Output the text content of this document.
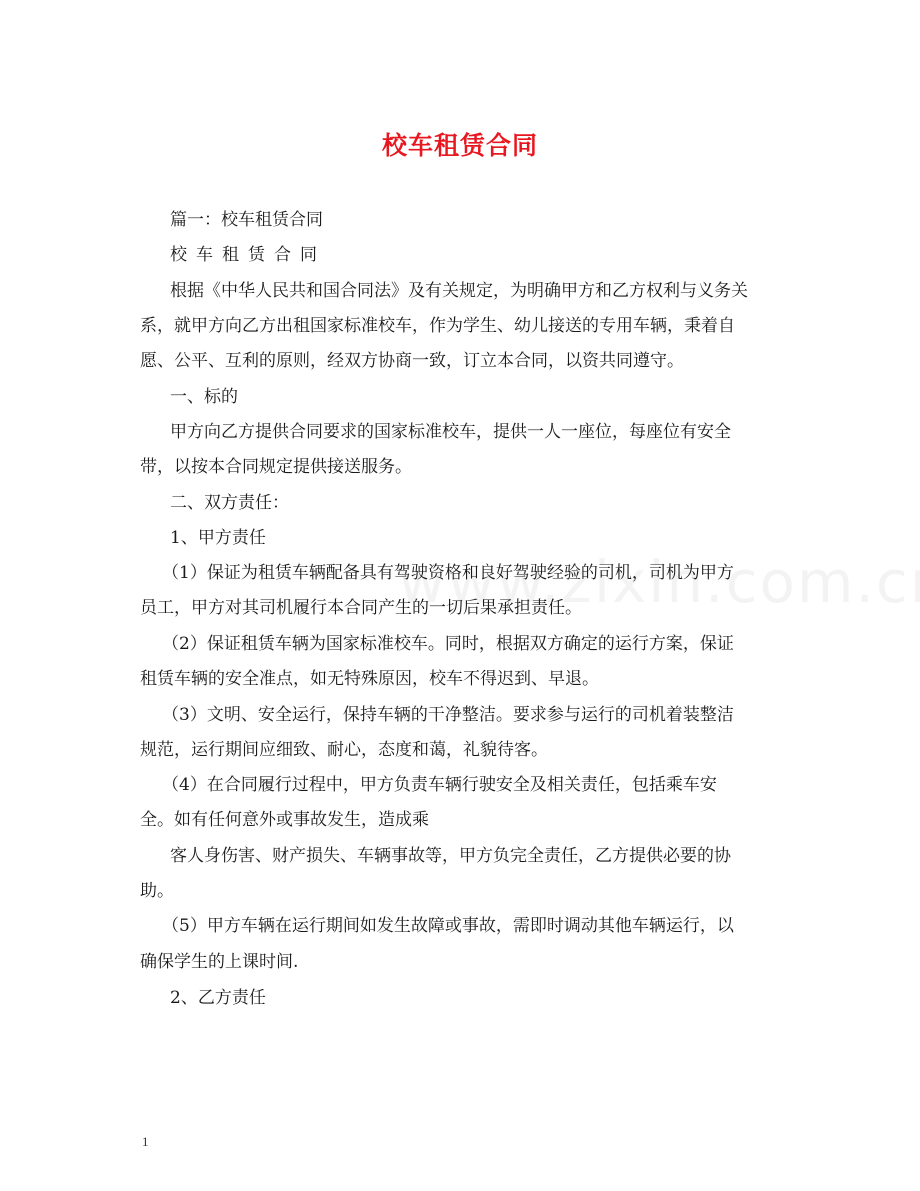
校车租赁合同
篇一：校车租赁合同
校车租赁合同
根据《中华人民共和国合同法》及有关规定，为明确甲方和乙方权利与义务关
系，就甲方向乙方出租国家标准校车，作为学生、幼儿接送的专用车辆，秉着自
愿、公平、互利的原则，经双方协商一致，订立本合同，以资共同遵守。
一、标的
甲方向乙方提供合同要求的国家标准校车，提供一人一座位，每座位有安全
带，以按本合同规定提供接送服务。
二、双方责任：
1、甲方责任
（1）保证为租赁车辆配备具有驾驶资格和良好驾驶经验的司机，司机为甲方
员工，甲方对其司机履行本合同产生的一切后果承担责任。
（2）保证租赁车辆为国家标准校车。同时，根据双方确定的运行方案，保证
租赁车辆的安全准点，如无特殊原因，校车不得迟到、早退。
（3）文明、安全运行，保持车辆的干净整洁。要求参与运行的司机着装整洁
规范，运行期间应细致、耐心，态度和蔼，礼貌待客。
（4）在合同履行过程中，甲方负责车辆行驶安全及相关责任，包括乘车安
全。如有任何意外或事故发生，造成乘
客人身伤害、财产损失、车辆事故等，甲方负完全责任，乙方提供必要的协
助。
（5）甲方车辆在运行期间如发生故障或事故，需即时调动其他车辆运行，以
确保学生的上课时间.
2、乙方责任
1
